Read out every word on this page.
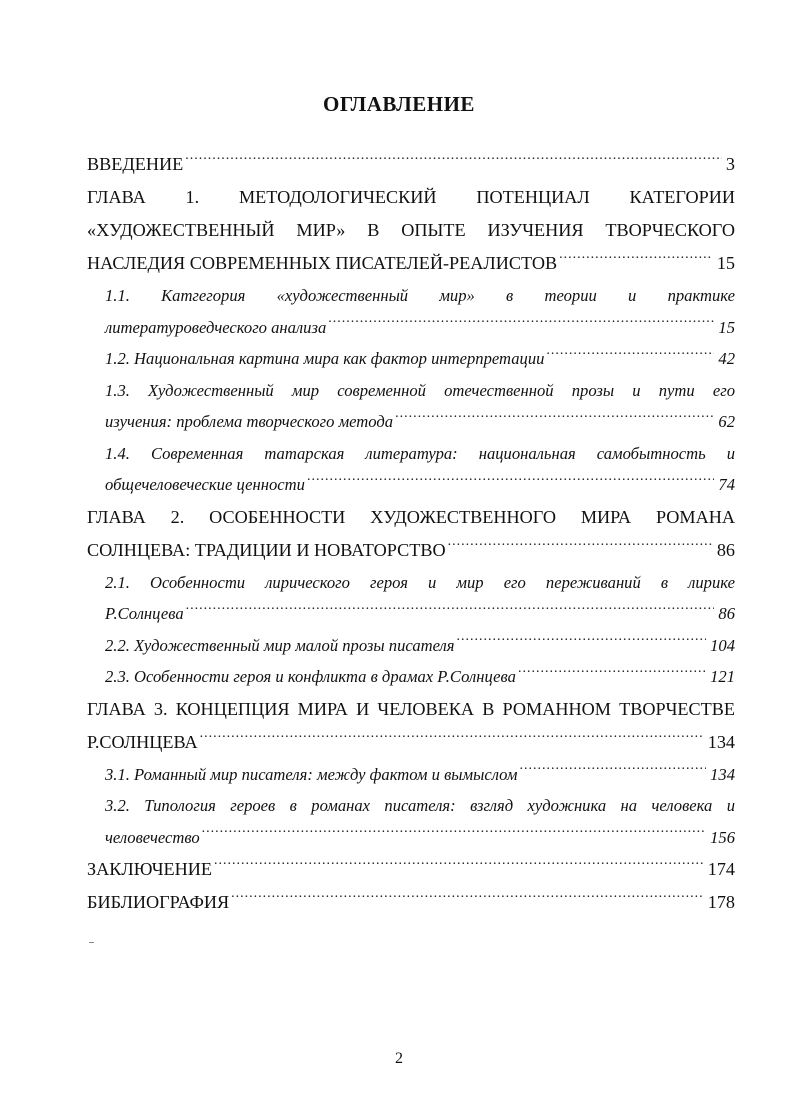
ОГЛАВЛЕНИЕ
ВВЕДЕНИЕ .....	3
ГЛАВА 1. МЕТОДОЛОГИЧЕСКИЙ ПОТЕНЦИАЛ КАТЕГОРИИ
«ХУДОЖЕСТВЕННЫЙ МИР» В ОПЫТЕ ИЗУЧЕНИЯ ТВОРЧЕСКОГО
НАСЛЕДИЯ СОВРЕМЕННЫХ ПИСАТЕЛЕЙ-РЕАЛИСТОВ .....	15
1.1. Катгегория «художественный мир» в теории и практике
литературоведческого анализа .....	15
1.2. Национальная картина мира как фактор интерпретации .....	42
1.3. Художественный мир современной отечественной прозы и пути его
изучения: проблема творческого метода .....	62
1.4. Современная татарская литература: национальная самобытность и
общечеловеческие ценности .....	74
ГЛАВА 2. ОСОБЕННОСТИ ХУДОЖЕСТВЕННОГО МИРА РОМАНА
СОЛНЦЕВА: ТРАДИЦИИ И НОВАТОРСТВО .....	86
2.1. Особенности лирического героя и мир его переживаний в лирике
Р.Солнцева .....	86
2.2. Художественный мир малой прозы писателя .....	104
2.3. Особенности героя и конфликта в драмах Р.Солнцева .....	121
ГЛАВА 3. КОНЦЕПЦИЯ МИРА И ЧЕЛОВЕКА В РОМАННОМ ТВОРЧЕСТВЕ
Р.СОЛНЦЕВА .....	134
3.1. Романный мир писателя: между фактом и вымыслом .....	134
3.2. Типология героев в романах писателя: взгляд художника на человека и
человечество .....	156
ЗАКЛЮЧЕНИЕ .....	174
БИБЛИОГРАФИЯ .....	178
2
